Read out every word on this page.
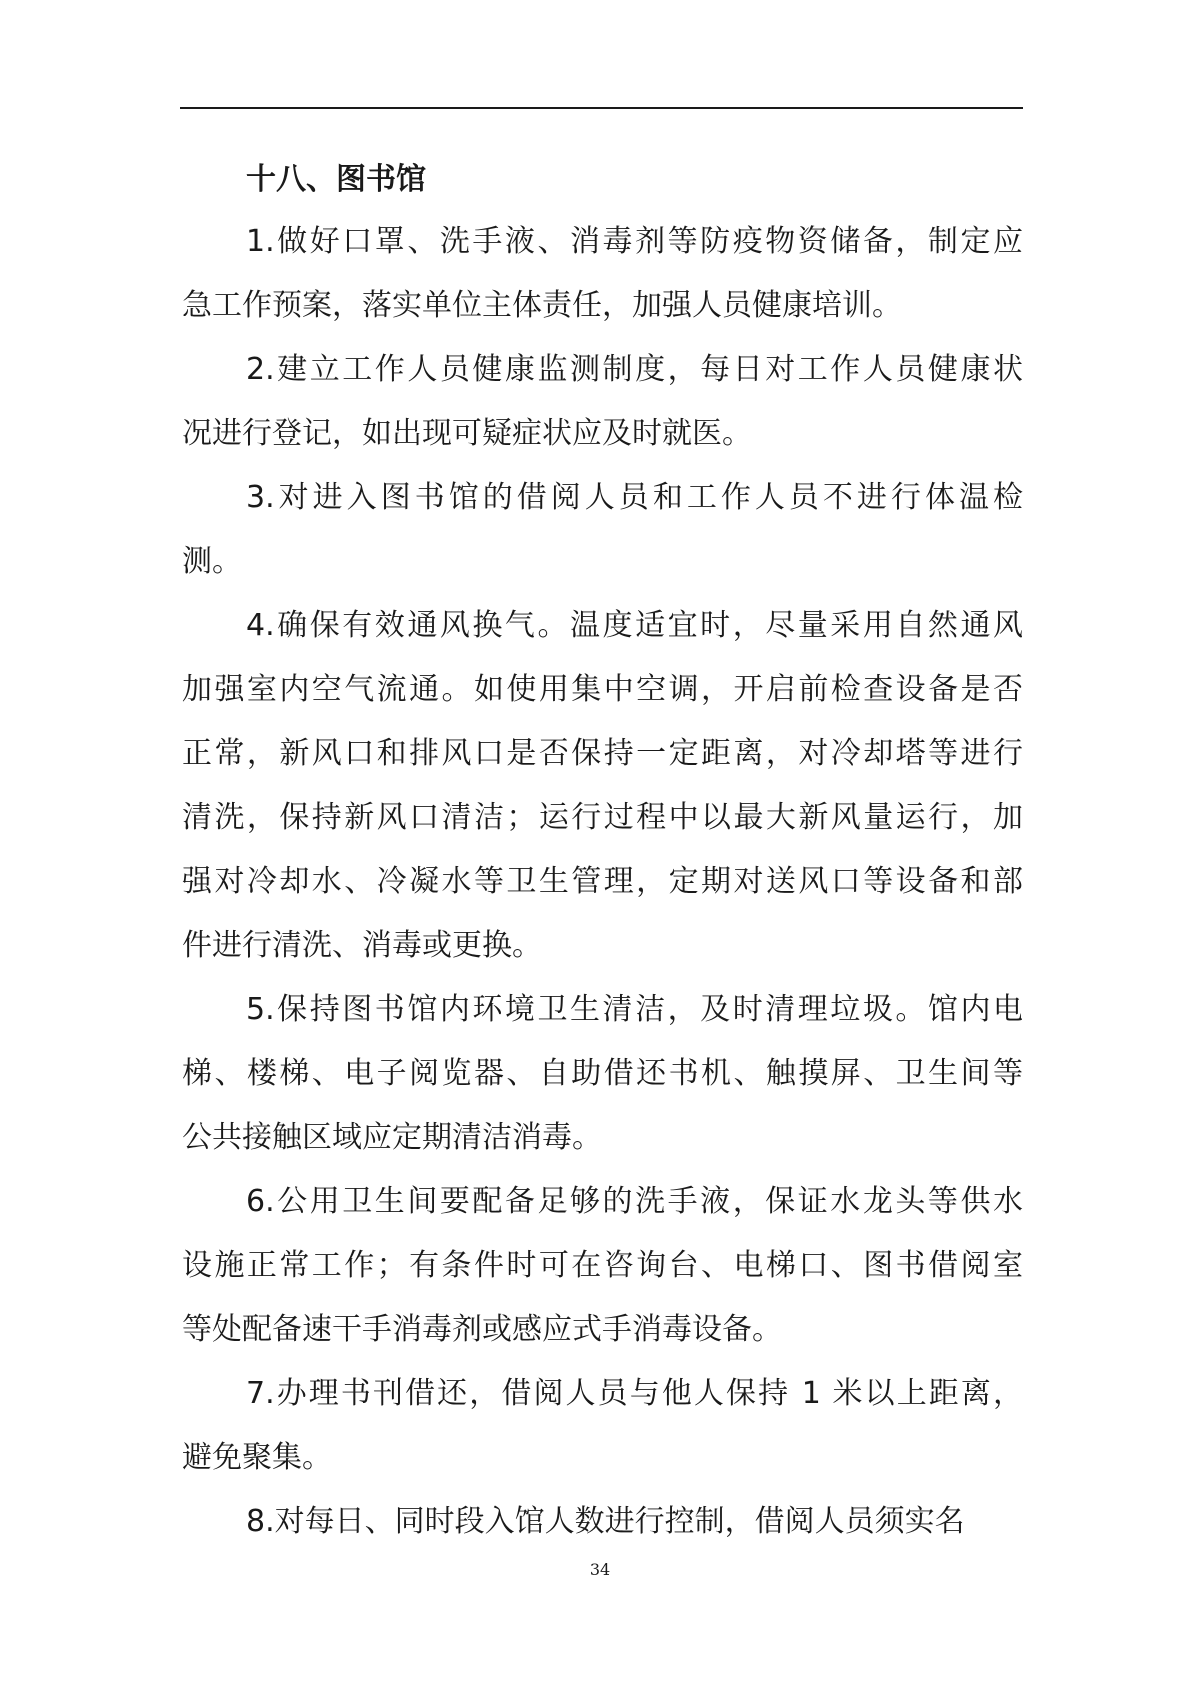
十八、图书馆

1.做好口罩、洗手液、消毒剂等防疫物资储备，制定应
急工作预案，落实单位主体责任，加强人员健康培训。

2.建立工作人员健康监测制度，每日对工作人员健康状
况进行登记，如出现可疑症状应及时就医。

3.对进入图书馆的借阅人员和工作人员不进行体温检
测。

4.确保有效通风换气。温度适宜时，尽量采用自然通风
加强室内空气流通。如使用集中空调，开启前检查设备是否
正常，新风口和排风口是否保持一定距离，对冷却塔等进行
清洗，保持新风口清洁；运行过程中以最大新风量运行，加
强对冷却水、冷凝水等卫生管理，定期对送风口等设备和部
件进行清洗、消毒或更换。

5.保持图书馆内环境卫生清洁，及时清理垃圾。馆内电
梯、楼梯、电子阅览器、自助借还书机、触摸屏、卫生间等
公共接触区域应定期清洁消毒。

6.公用卫生间要配备足够的洗手液，保证水龙头等供水
设施正常工作；有条件时可在咨询台、电梯口、图书借阅室
等处配备速干手消毒剂或感应式手消毒设备。

7.办理书刊借还，借阅人员与他人保持 1 米以上距离，
避免聚集。

8.对每日、同时段入馆人数进行控制，借阅人员须实名

34
